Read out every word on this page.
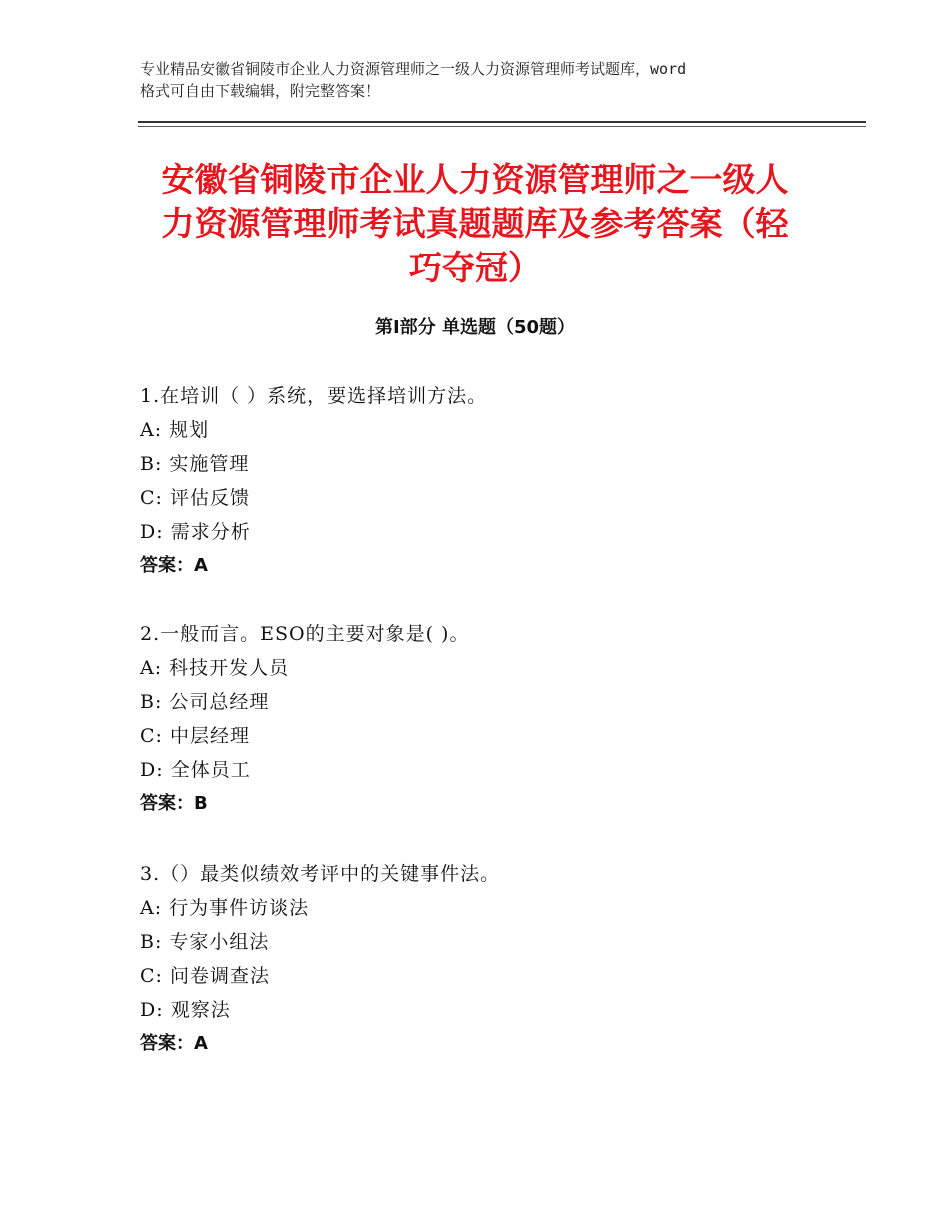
专业精品安徽省铜陵市企业人力资源管理师之一级人力资源管理师考试题库，word
格式可自由下载编辑，附完整答案！
安徽省铜陵市企业人力资源管理师之一级人
力资源管理师考试真题题库及参考答案（轻
巧夺冠）
第Ⅰ部分 单选题（50题）
1.在培训（ ）系统，要选择培训方法。
A: 规划
B: 实施管理
C: 评估反馈
D: 需求分析
答案：A
2.一般而言。ESO的主要对象是( )。
A: 科技开发人员
B: 公司总经理
C: 中层经理
D: 全体员工
答案：B
3.（）最类似绩效考评中的关键事件法。
A: 行为事件访谈法
B: 专家小组法
C: 问卷调查法
D: 观察法
答案：A
